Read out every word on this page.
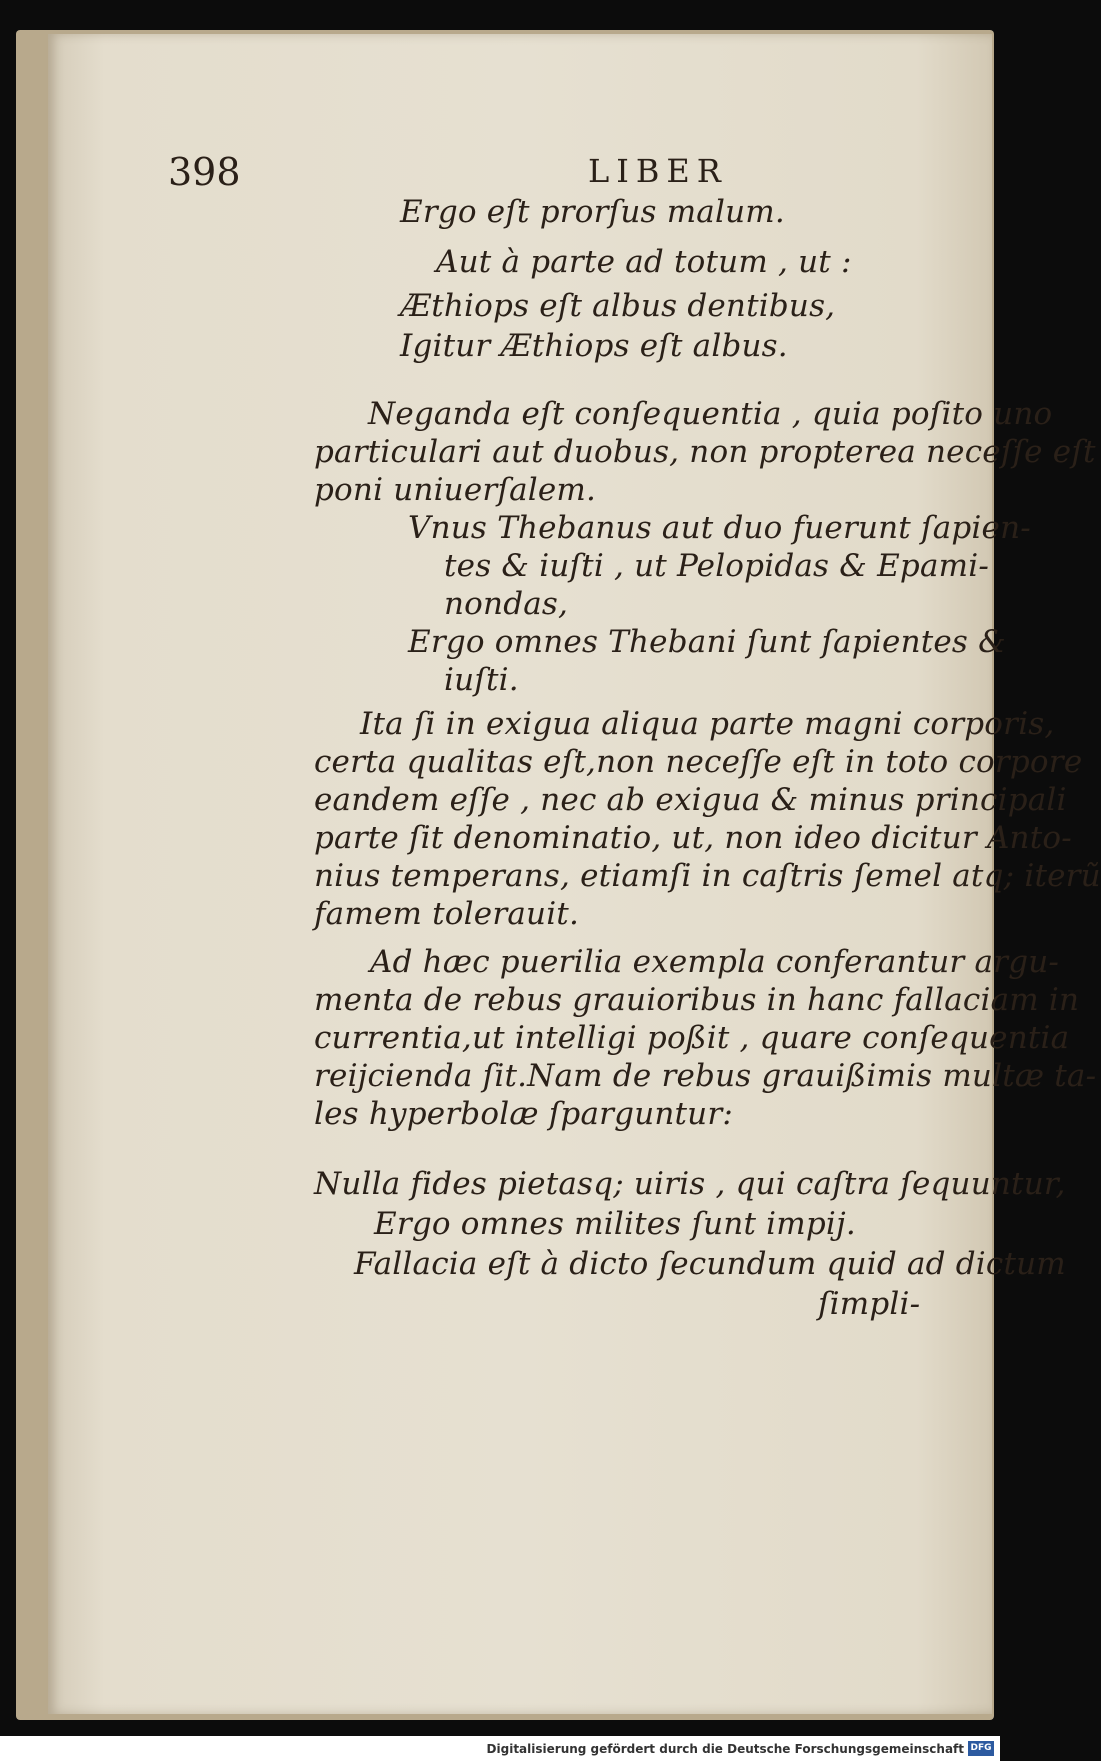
398	LIBER
Ergo eſt prorſus malum.
Aut à parte ad totum , ut :
Æthiops eſt albus dentibus,
Igitur Æthiops eſt albus.
Neganda eſt conſequentia , quia poſito uno
particulari aut duobus, non propterea neceſſe eſt
poni uniuerſalem.
Vnus Thebanus aut duo fuerunt ſapien-
tes & iuſti , ut Pelopidas & Epami-
nondas,
Ergo omnes Thebani ſunt ſapientes &
iuſti.
Ita ſi in exigua aliqua parte magni corporis,
certa qualitas eſt,non neceſſe eſt in toto corpore
eandem eſſe , nec ab exigua & minus principali
parte ſit denominatio, ut, non ideo dicitur Anto-
nius temperans, etiamſi in caſtris ſemel atq; iterũ
famem tolerauit.
Ad hæc puerilia exempla conferantur argu-
menta de rebus grauioribus in hanc fallaciam in
currentia,ut intelligi poßit , quare conſequentia
reijcienda ſit.Nam de rebus grauißimis multæ ta-
les hyperbolæ ſparguntur:
Nulla fides pietasq; uiris , qui caſtra ſequuntur,
Ergo omnes milites ſunt impij.
Fallacia eſt à dicto ſecundum quid ad dictum
ſimpli-
Digitalisierung gefördert durch die Deutsche Forschungsgemeinschaft DFG
